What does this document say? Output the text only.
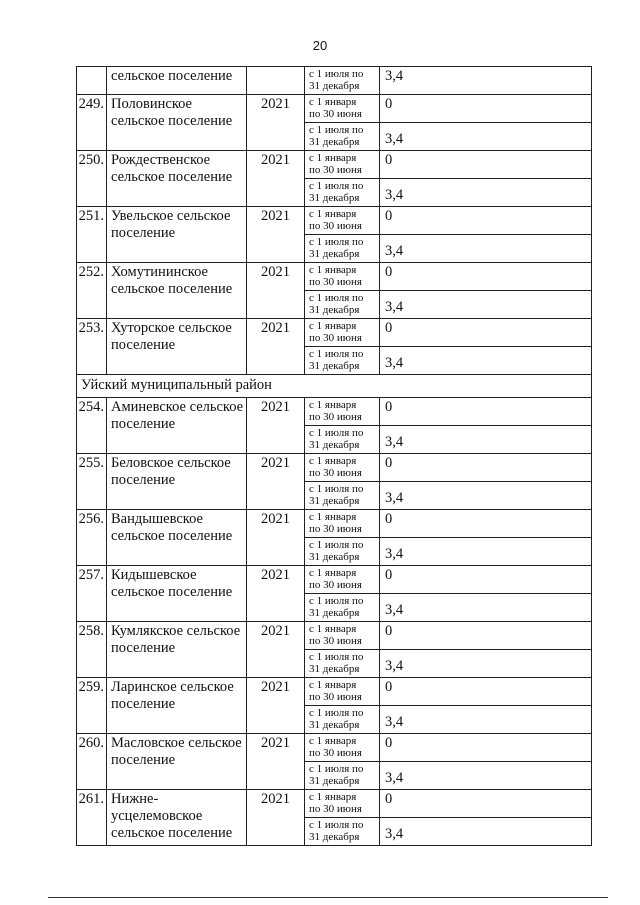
20
	сельское поселение		с 1 июля по
31 декабря	3,4
249.	Половинское сельское поселение	2021	с 1 января
по 30 июня	0

			с 1 июля по
31 декабря	3,4
250.	Рождественское сельское поселение	2021	с 1 января
по 30 июня	0

			с 1 июля по
31 декабря	3,4
251.	Увельское сельское поселение	2021	с 1 января
по 30 июня	0

			с 1 июля по
31 декабря	3,4
252.	Хомутининское сельское поселение	2021	с 1 января
по 30 июня	0

			с 1 июля по
31 декабря	3,4
253.	Хуторское сельское поселение	2021	с 1 января
по 30 июня	0

			с 1 июля по
31 декабря	3,4
Уйский муниципальный район				
254.	Аминевское сельское поселение	2021	с 1 января
по 30 июня	0

			с 1 июля по
31 декабря	3,4
255.	Беловское сельское поселение	2021	с 1 января
по 30 июня	0

			с 1 июля по
31 декабря	3,4
256.	Вандышевское сельское поселение	2021	с 1 января
по 30 июня	0

			с 1 июля по
31 декабря	3,4
257.	Кидышевское сельское поселение	2021	с 1 января
по 30 июня	0

			с 1 июля по
31 декабря	3,4
258.	Кумлякское сельское поселение	2021	с 1 января
по 30 июня	0

			с 1 июля по
31 декабря	3,4
259.	Ларинское сельское поселение	2021	с 1 января
по 30 июня	0

			с 1 июля по
31 декабря	3,4
260.	Масловское сельское поселение	2021	с 1 января
по 30 июня	0

			с 1 июля по
31 декабря	3,4
261.	Нижне-усцелемовское сельское поселение	2021	с 1 января
по 30 июня	0

			с 1 июля по
31 декабря	3,4
